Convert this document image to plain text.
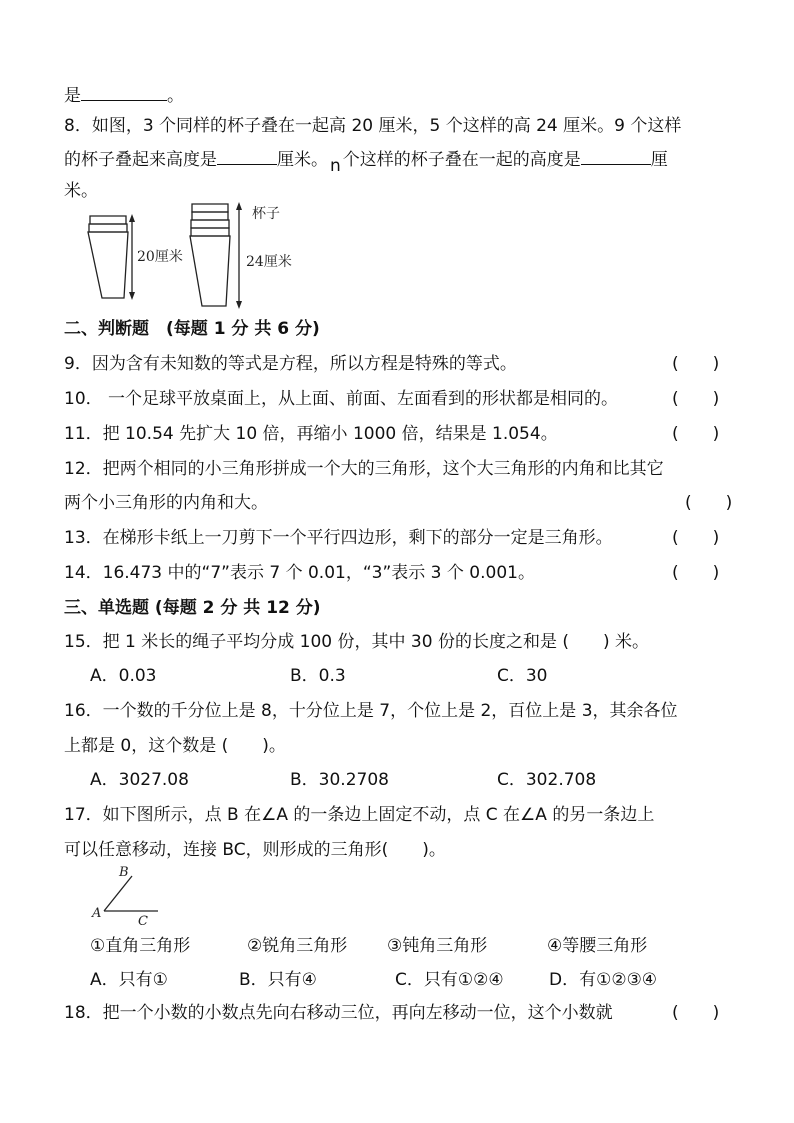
是	。
8．如图，3 个同样的杯子叠在一起高 20 厘米，5 个这样的高 24 厘米。9 个这样
的杯子叠起来高度是	厘米。 n 个这样的杯子叠在一起的高度是	厘
米。
20厘米	24厘米
杯子
二、判断题　(每题 1 分 共 6 分)
9．因为含有未知数的等式是方程，所以方程是特殊的等式。	(　　)
10． 一个足球平放桌面上，从上面、前面、左面看到的形状都是相同的。	(　　)
11．把 10.54 先扩大 10 倍，再缩小 1000 倍，结果是 1.054。	(　　)
12．把两个相同的小三角形拼成一个大的三角形，这个大三角形的内角和比其它
两个小三角形的内角和大。	(　　)
13．在梯形卡纸上一刀剪下一个平行四边形，剩下的部分一定是三角形。	(　　)
14．16.473 中的“7”表示 7 个 0.01，“3”表示 3 个 0.001。	(　　)
三、单选题 (每题 2 分 共 12 分)
15．把 1 米长的绳子平均分成 100 份，其中 30 份的长度之和是 (　　) 米。
A．0.03	B．0.3	C．30
16．一个数的千分位上是 8，十分位上是 7，个位上是 2，百位上是 3，其余各位
上都是 0，这个数是 (　　)。
A．3027.08	B．30.2708	C．302.708
17．如下图所示，点 B 在∠A 的一条边上固定不动，点 C 在∠A 的另一条边上
可以任意移动，连接 BC，则形成的三角形(　　)。
A
B
C
①直角三角形	②锐角三角形 ③钝角三角形	④等腰三角形
A．只有①	B．只有④	C．只有①②④	D．有①②③④
18．把一个小数的小数点先向右移动三位，再向左移动一位，这个小数就	(　　)
